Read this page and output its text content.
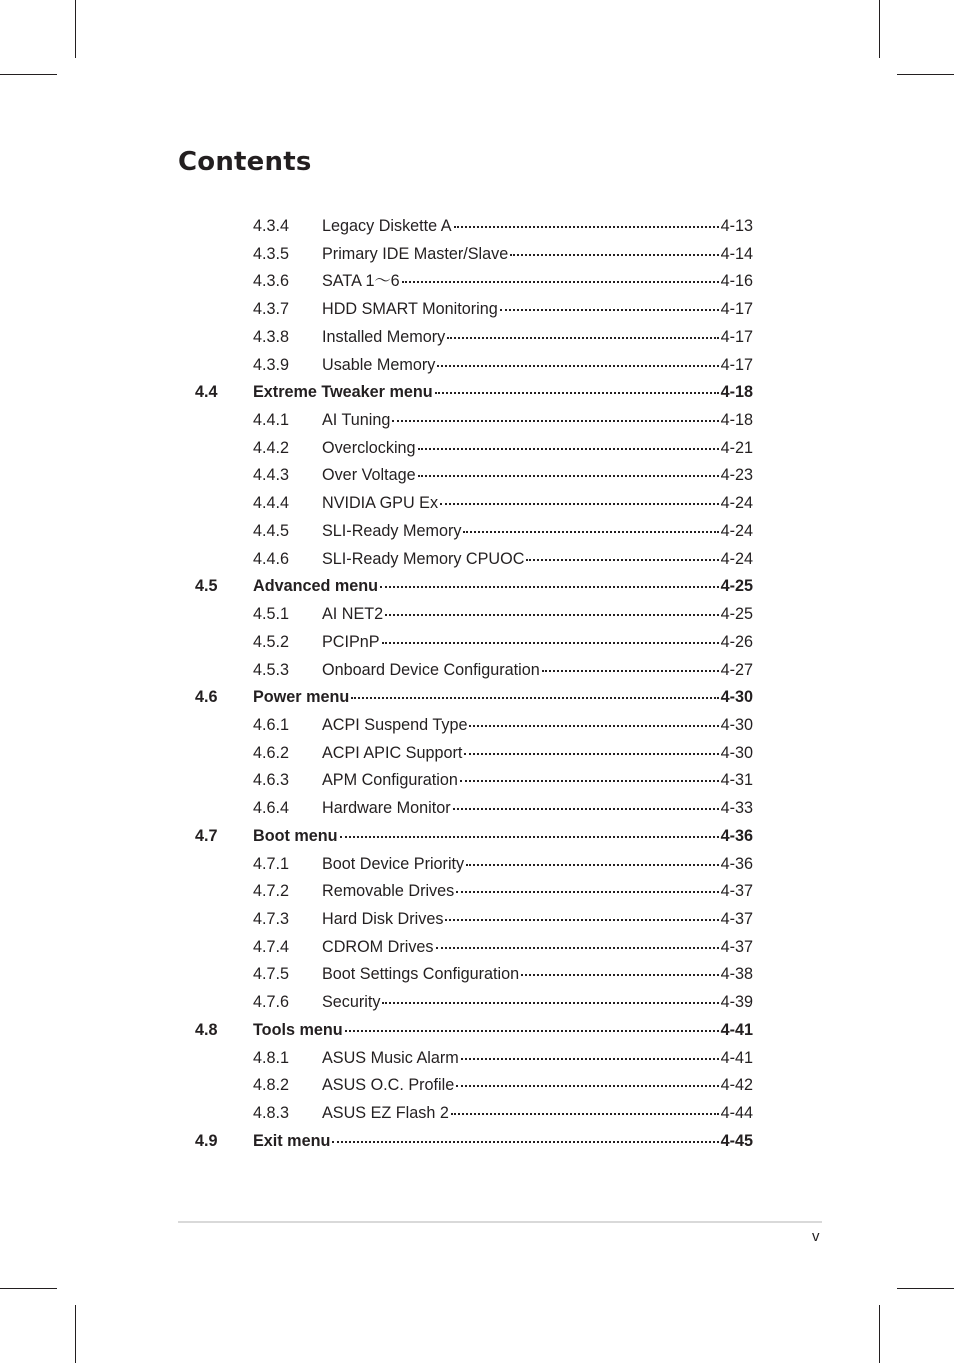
Contents
4.3.4 Legacy Diskette A	4-13
4.3.5 Primary IDE Master/Slave	4-14
4.3.6 SATA 1～6	4-16
4.3.7 HDD SMART Monitoring	4-17
4.3.8 Installed Memory	4-17
4.3.9 Usable Memory	4-17
4.4 Extreme Tweaker menu	4-18
4.4.1 AI Tuning	4-18
4.4.2 Overclocking	4-21
4.4.3 Over Voltage	4-23
4.4.4 NVIDIA GPU Ex	4-24
4.4.5 SLI-Ready Memory	4-24
4.4.6 SLI-Ready Memory CPUOC	4-24
4.5 Advanced menu	4-25
4.5.1 AI NET2	4-25
4.5.2 PCIPnP	4-26
4.5.3 Onboard Device Configuration	4-27
4.6 Power menu	4-30
4.6.1 ACPI Suspend Type	4-30
4.6.2 ACPI APIC Support	4-30
4.6.3 APM Configuration	4-31
4.6.4 Hardware Monitor	4-33
4.7 Boot menu	4-36
4.7.1 Boot Device Priority	4-36
4.7.2 Removable Drives	4-37
4.7.3 Hard Disk Drives	4-37
4.7.4 CDROM Drives	4-37
4.7.5 Boot Settings Configuration	4-38
4.7.6 Security	4-39
4.8 Tools menu	4-41
4.8.1 ASUS Music Alarm	4-41
4.8.2 ASUS O.C. Profile	4-42
4.8.3 ASUS EZ Flash 2	4-44
4.9 Exit menu	4-45
v
